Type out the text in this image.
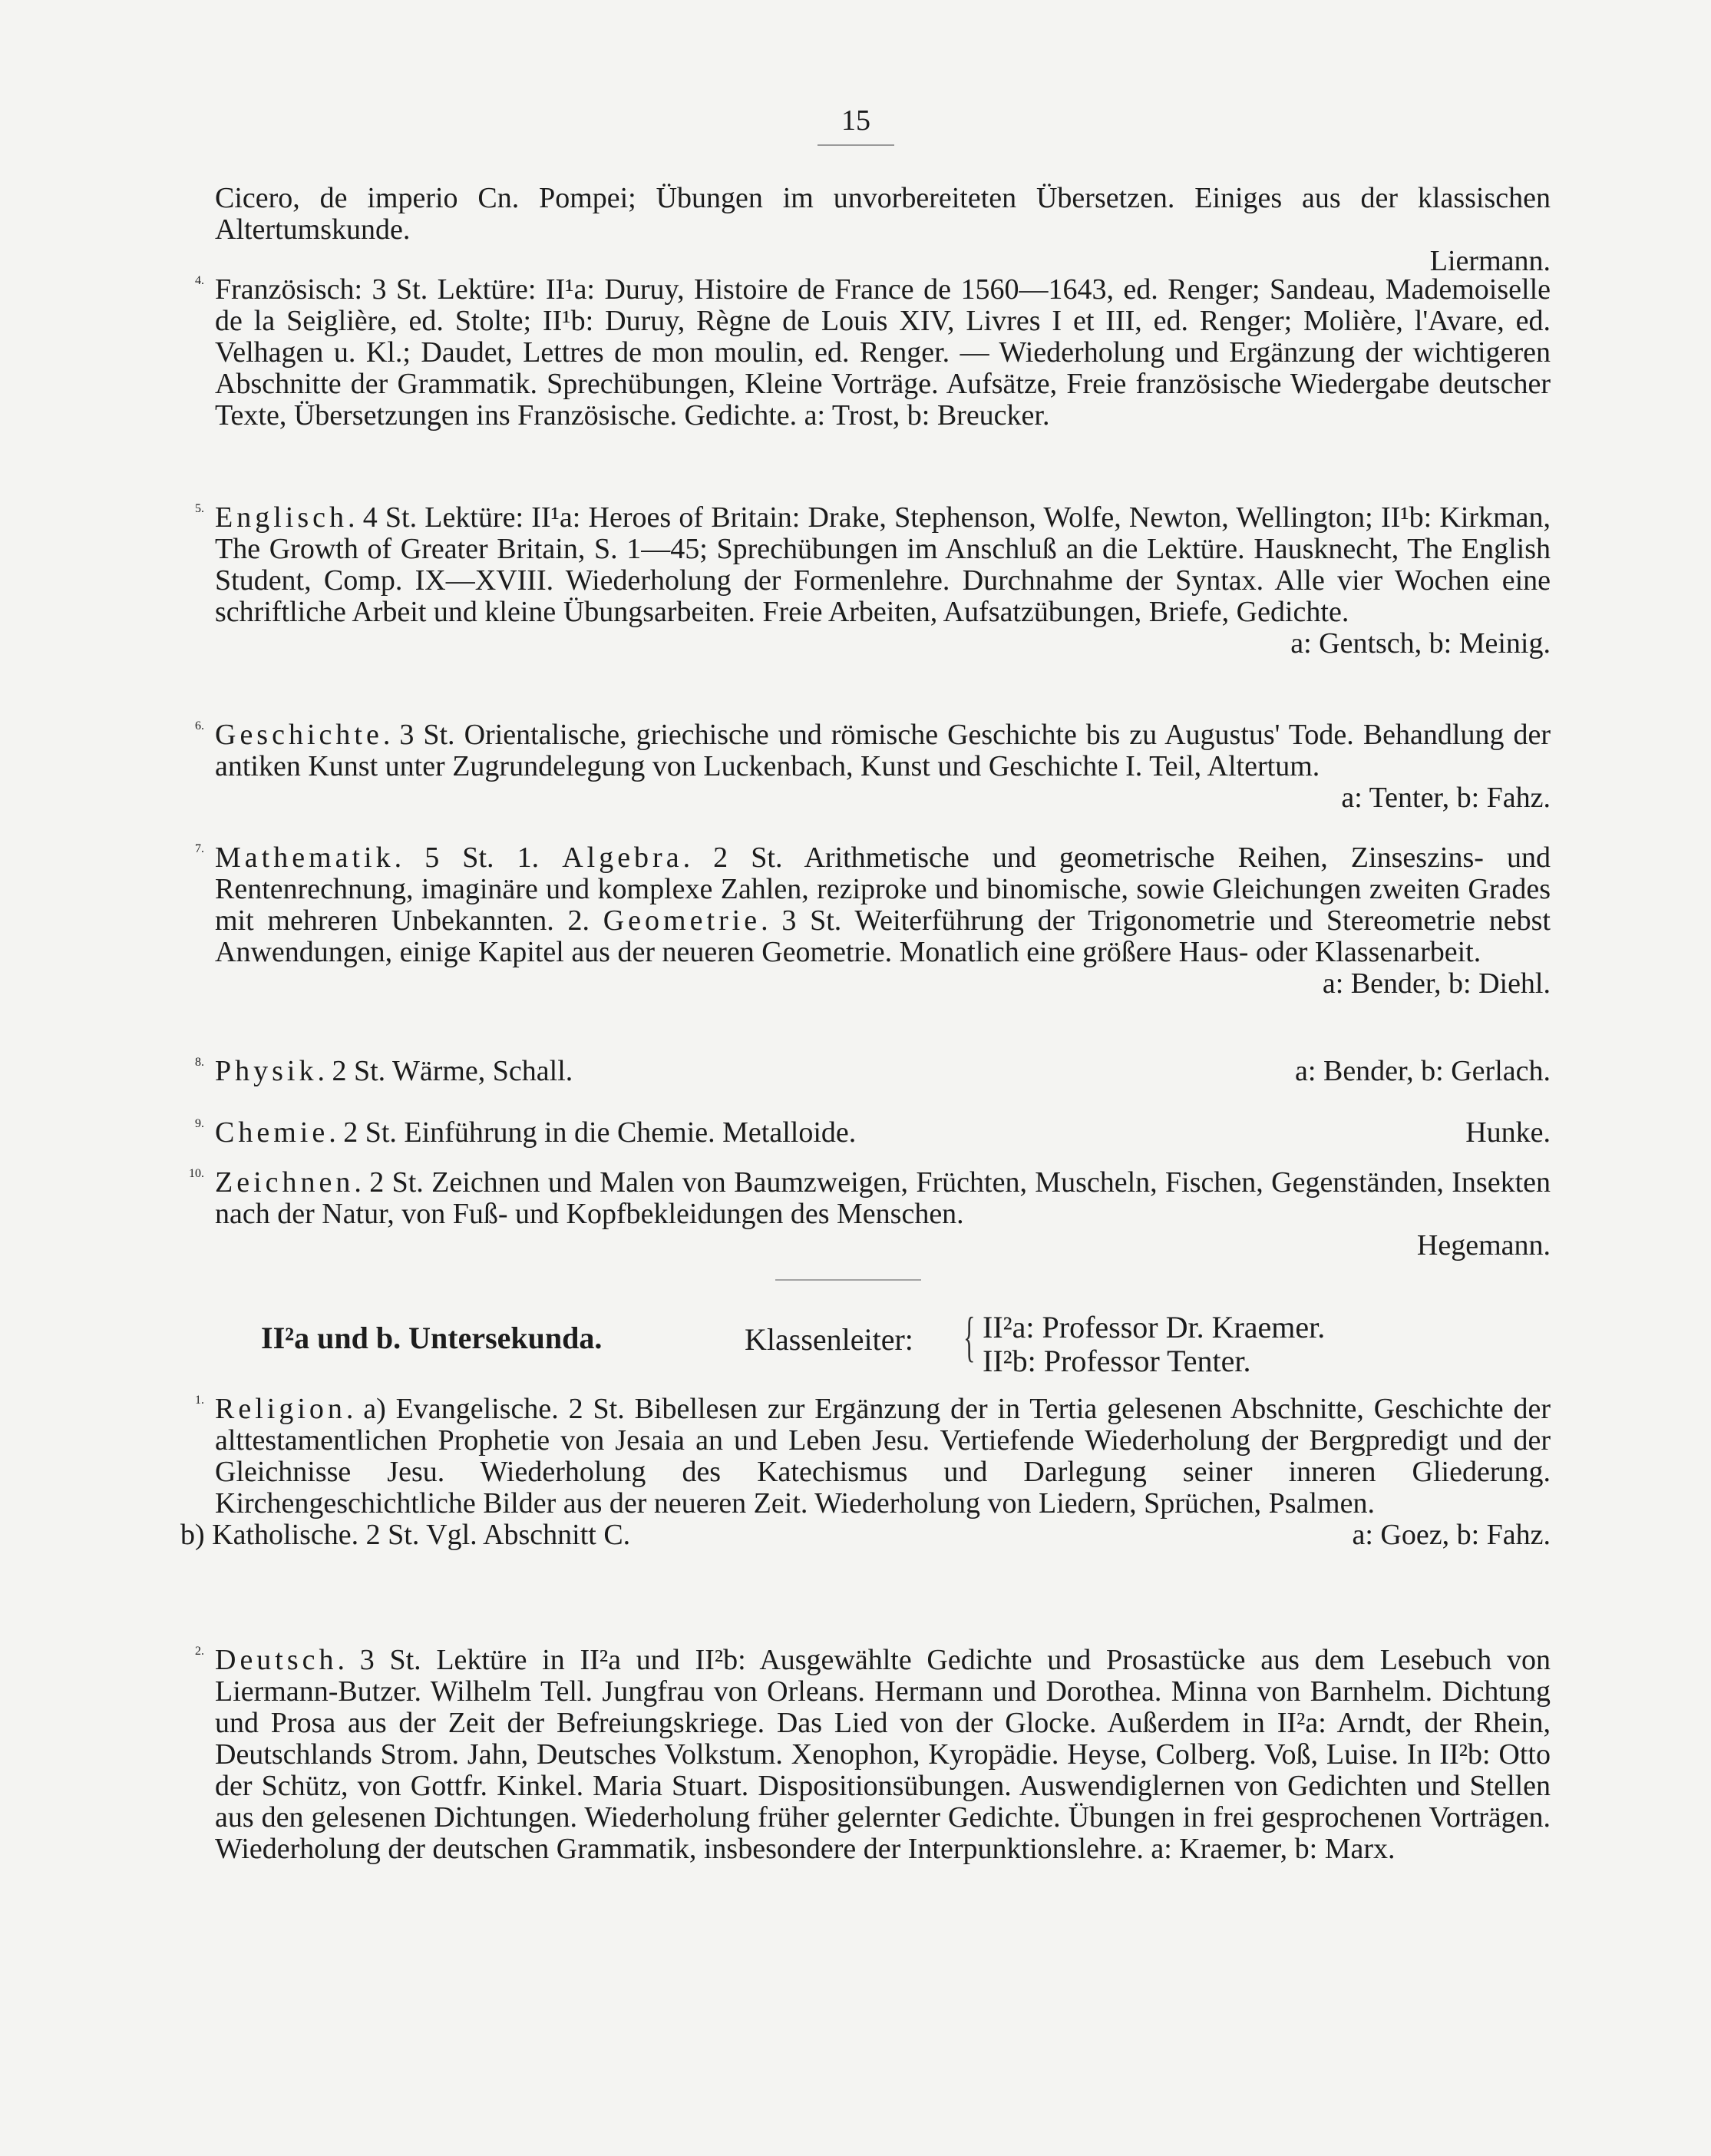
15
Cicero, de imperio Cn. Pompei; Übungen im unvorbereiteten Übersetzen. Einiges aus der klassischen Altertumskunde.
Liermann.
4. Französisch: 3 St. Lektüre: II¹a: Duruy, Histoire de France de 1560—1643, ed. Renger; Sandeau, Mademoiselle de la Seiglière, ed. Stolte; II¹b: Duruy, Règne de Louis XIV, Livres I et III, ed. Renger; Molière, l'Avare, ed. Velhagen u. Kl.; Daudet, Lettres de mon moulin, ed. Renger. — Wiederholung und Ergänzung der wichtigeren Abschnitte der Grammatik. Sprechübungen, Kleine Vorträge. Aufsätze, Freie französische Wiedergabe deutscher Texte, Übersetzungen ins Französische. Gedichte. a: Trost, b: Breucker.
5. Englisch. 4 St. Lektüre: II¹a: Heroes of Britain: Drake, Stephenson, Wolfe, Newton, Wellington; II¹b: Kirkman, The Growth of Greater Britain, S. 1—45; Sprechübungen im Anschluß an die Lektüre. Hausknecht, The English Student, Comp. IX—XVIII. Wiederholung der Formenlehre. Durchnahme der Syntax. Alle vier Wochen eine schriftliche Arbeit und kleine Übungsarbeiten. Freie Arbeiten, Aufsatzübungen, Briefe, Gedichte.
a: Gentsch, b: Meinig.
6. Geschichte. 3 St. Orientalische, griechische und römische Geschichte bis zu Augustus' Tode. Behandlung der antiken Kunst unter Zugrundelegung von Luckenbach, Kunst und Geschichte I. Teil, Altertum.
a: Tenter, b: Fahz.
7. Mathematik. 5 St. 1. Algebra. 2 St. Arithmetische und geometrische Reihen, Zinseszins- und Rentenrechnung, imaginäre und komplexe Zahlen, reziproke und binomische, sowie Gleichungen zweiten Grades mit mehreren Unbekannten. 2. Geometrie. 3 St. Weiterführung der Trigonometrie und Stereometrie nebst Anwendungen, einige Kapitel aus der neueren Geometrie. Monatlich eine größere Haus- oder Klassenarbeit.
a: Bender, b: Diehl.
8. Physik. 2 St. Wärme, Schall.	a: Bender, b: Gerlach.
9. Chemie. 2 St. Einführung in die Chemie. Metalloide.	Hunke.
10. Zeichnen. 2 St. Zeichnen und Malen von Baumzweigen, Früchten, Muscheln, Fischen, Gegenständen, Insekten nach der Natur, von Fuß- und Kopfbekleidungen des Menschen.
Hegemann.
II²a und b. Untersekunda.	Klassenleiter: { II²a: Professor Dr. Kraemer.
II²b: Professor Tenter.
1. Religion. a) Evangelische. 2 St. Bibellesen zur Ergänzung der in Tertia gelesenen Abschnitte, Geschichte der alttestamentlichen Prophetie von Jesaia an und Leben Jesu. Vertiefende Wiederholung der Bergpredigt und der Gleichnisse Jesu. Wiederholung des Katechismus und Darlegung seiner inneren Gliederung. Kirchengeschichtliche Bilder aus der neueren Zeit. Wiederholung von Liedern, Sprüchen, Psalmen.
a: Goez, b: Fahz.
b) Katholische. 2 St. Vgl. Abschnitt C.
2. Deutsch. 3 St. Lektüre in II²a und II²b: Ausgewählte Gedichte und Prosastücke aus dem Lesebuch von Liermann-Butzer. Wilhelm Tell. Jungfrau von Orleans. Hermann und Dorothea. Minna von Barnhelm. Dichtung und Prosa aus der Zeit der Befreiungskriege. Das Lied von der Glocke. Außerdem in II²a: Arndt, der Rhein, Deutschlands Strom. Jahn, Deutsches Volkstum. Xenophon, Kyropädie. Heyse, Colberg. Voß, Luise. In II²b: Otto der Schütz, von Gottfr. Kinkel. Maria Stuart. Dispositionsübungen. Auswendiglernen von Gedichten und Stellen aus den gelesenen Dichtungen. Wiederholung früher gelernter Gedichte. Übungen in frei gesprochenen Vorträgen. Wiederholung der deutschen Grammatik, insbesondere der Interpunktionslehre. a: Kraemer, b: Marx.
